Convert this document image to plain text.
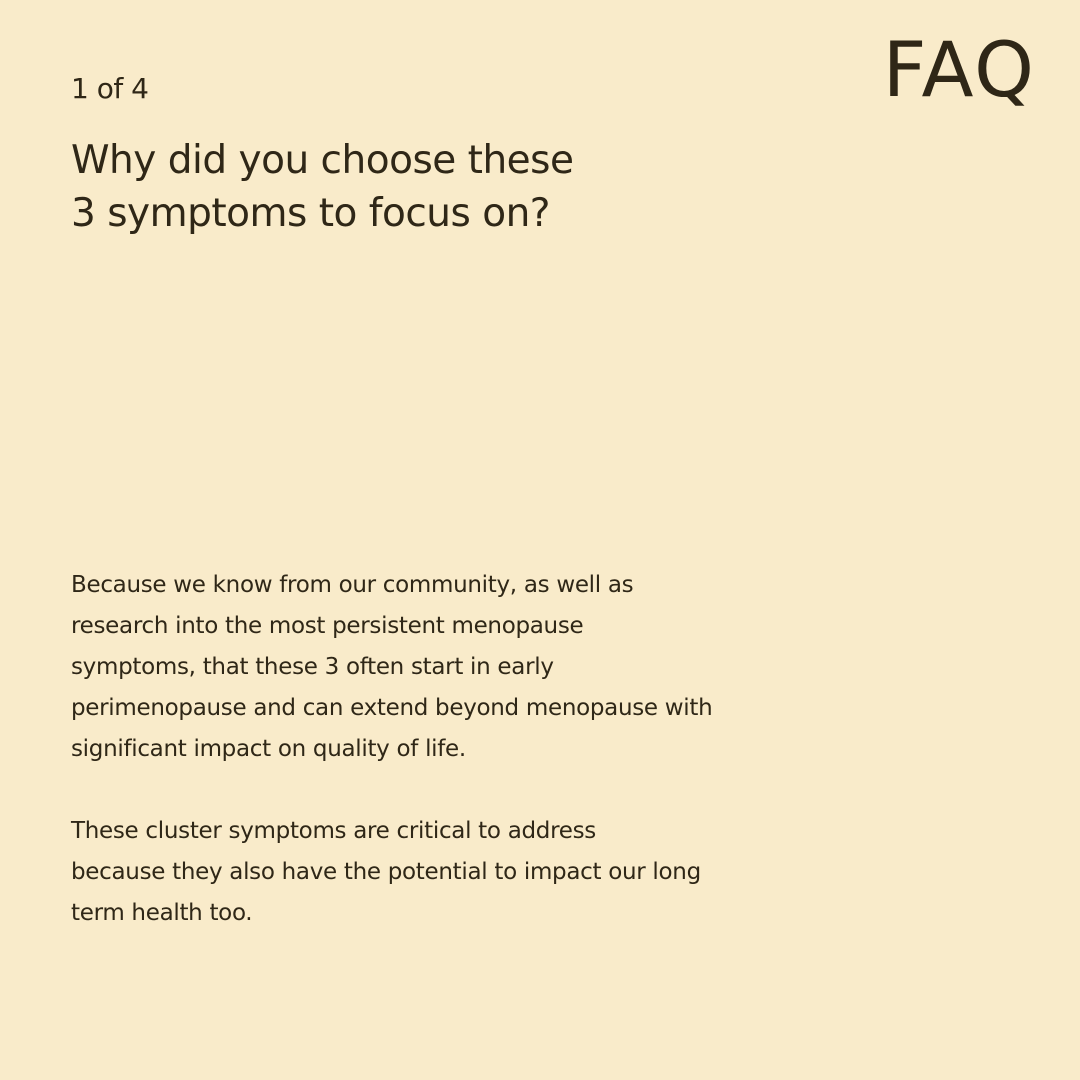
1 of 4	FAQ
Why did you choose these
3 symptoms to focus on?

Because we know from our community, as well as
research into the most persistent menopause
symptoms, that these 3 often start in early
perimenopause and can extend beyond menopause with
significant impact on quality of life.

These cluster symptoms are critical to address
because they also have the potential to impact our long
term health too.
